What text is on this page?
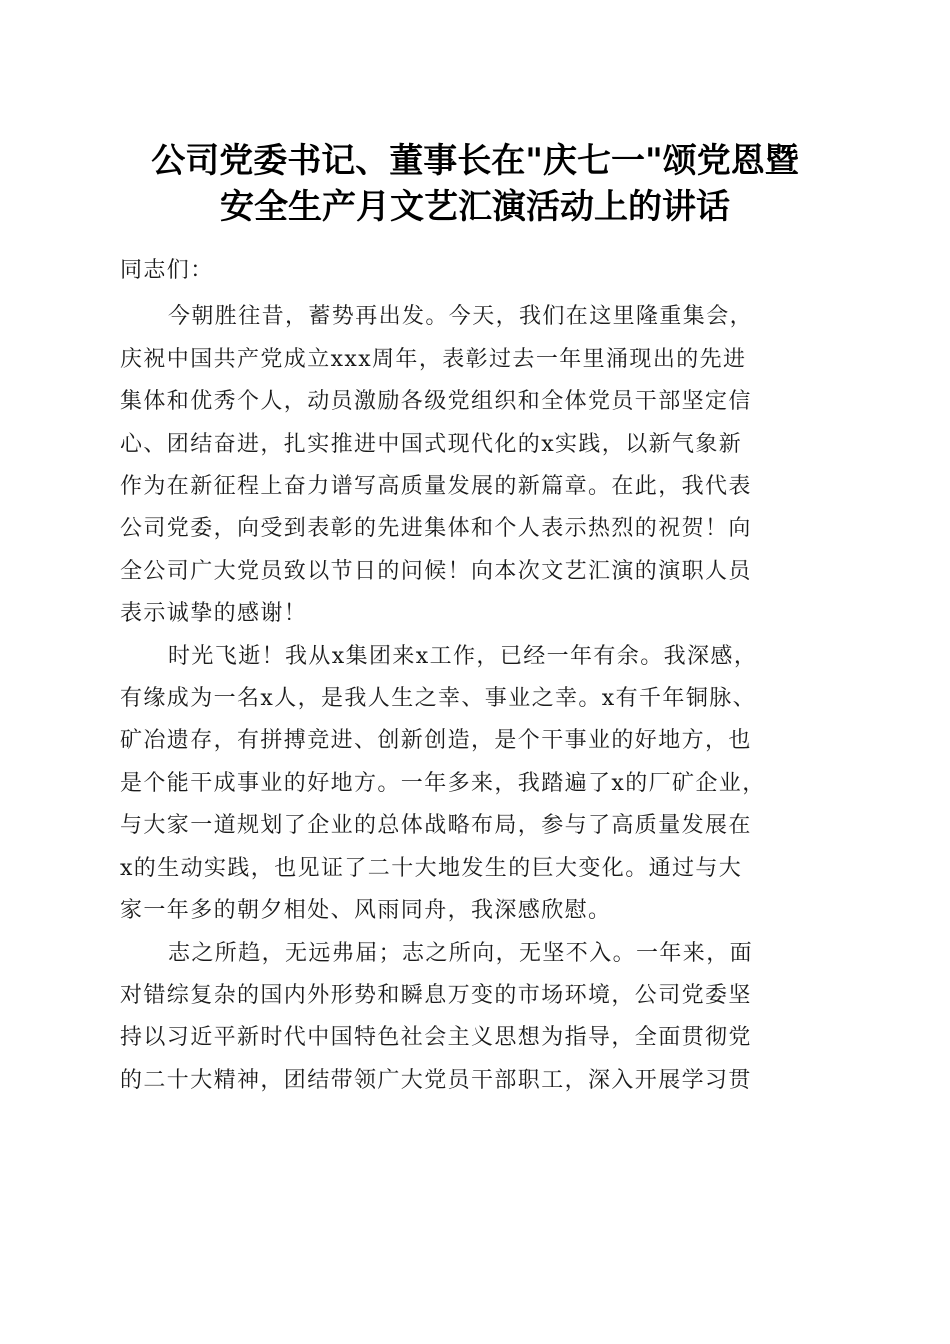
公司党委书记、董事长在"庆七一"颂党恩暨
安全生产月文艺汇演活动上的讲话
同志们：
今朝胜往昔，蓄势再出发。今天，我们在这里隆重集会，
庆祝中国共产党成立xxx周年，表彰过去一年里涌现出的先进
集体和优秀个人，动员激励各级党组织和全体党员干部坚定信
心、团结奋进，扎实推进中国式现代化的x实践，以新气象新
作为在新征程上奋力谱写高质量发展的新篇章。在此，我代表
公司党委，向受到表彰的先进集体和个人表示热烈的祝贺！向
全公司广大党员致以节日的问候！向本次文艺汇演的演职人员
表示诚挚的感谢！
时光飞逝！我从x集团来x工作，已经一年有余。我深感，
有缘成为一名x人，是我人生之幸、事业之幸。x有千年铜脉、
矿冶遗存，有拼搏竞进、创新创造，是个干事业的好地方，也
是个能干成事业的好地方。一年多来，我踏遍了x的厂矿企业，
与大家一道规划了企业的总体战略布局，参与了高质量发展在
x的生动实践，也见证了二十大地发生的巨大变化。通过与大
家一年多的朝夕相处、风雨同舟，我深感欣慰。
志之所趋，无远弗届；志之所向，无坚不入。一年来，面
对错综复杂的国内外形势和瞬息万变的市场环境，公司党委坚
持以习近平新时代中国特色社会主义思想为指导，全面贯彻党
的二十大精神，团结带领广大党员干部职工，深入开展学习贯
